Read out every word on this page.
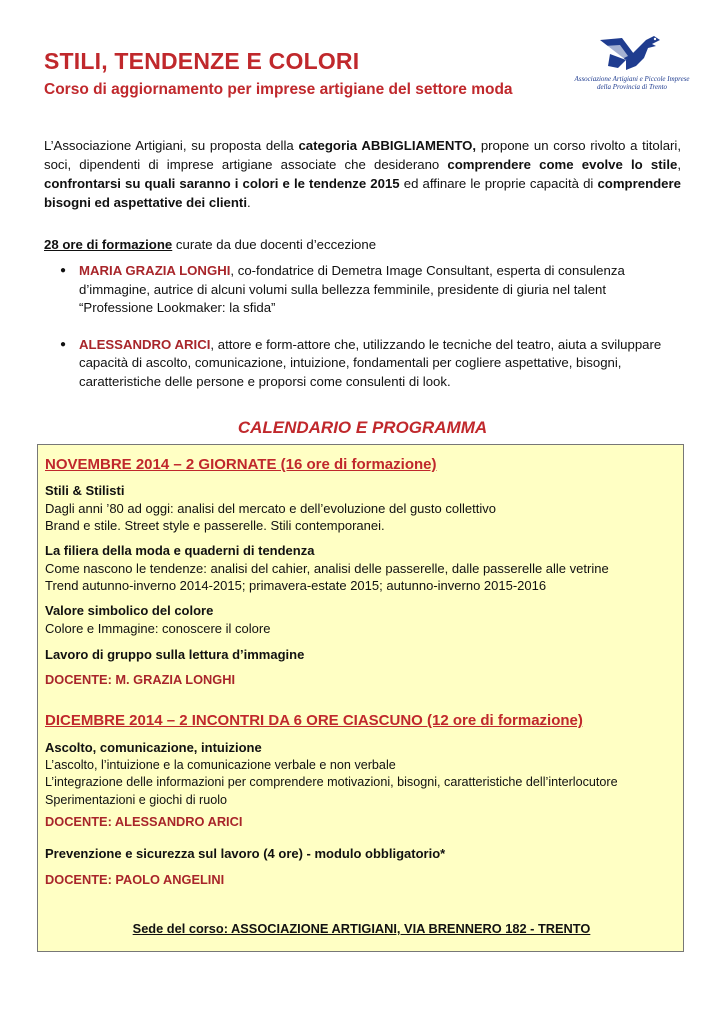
STILI, TENDENZE E COLORI
Corso di aggiornamento per imprese artigiane del settore moda
Associazione Artigiani e Piccole Imprese
della Provincia di Trento
L’Associazione Artigiani, su proposta della categoria ABBIGLIAMENTO, propone un corso rivolto a titolari, soci, dipendenti di imprese artigiane associate che desiderano comprendere come evolve lo stile, confrontarsi su quali saranno i colori e le tendenze 2015 ed affinare le proprie capacità di comprendere bisogni ed aspettative dei clienti.
28 ore di formazione curate da due docenti d’eccezione
● MARIA GRAZIA LONGHI, co-fondatrice di Demetra Image Consultant, esperta di consulenza d’immagine, autrice di alcuni volumi sulla bellezza femminile, presidente di giuria nel talent “Professione Lookmaker: la sfida”
● ALESSANDRO ARICI, attore e form-attore che, utilizzando le tecniche del teatro, aiuta a sviluppare capacità di ascolto, comunicazione, intuizione, fondamentali per cogliere aspettative, bisogni, caratteristiche delle persone e proporsi come consulenti di look.
CALENDARIO E PROGRAMMA
NOVEMBRE 2014 – 2 GIORNATE (16 ore di formazione)
Stili & Stilisti
Dagli anni ’80 ad oggi: analisi del mercato e dell’evoluzione del gusto collettivo
Brand e stile. Street style e passerelle. Stili contemporanei.
La filiera della moda e quaderni di tendenza
Come nascono le tendenze: analisi del cahier, analisi delle passerelle, dalle passerelle alle vetrine
Trend autunno-inverno 2014-2015; primavera-estate 2015; autunno-inverno 2015-2016
Valore simbolico del colore
Colore e Immagine: conoscere il colore
Lavoro di gruppo sulla lettura d’immagine
DOCENTE: M. GRAZIA LONGHI
DICEMBRE 2014 – 2 INCONTRI DA 6 ORE CIASCUNO (12 ore di formazione)
Ascolto, comunicazione, intuizione
L’ascolto, l’intuizione e la comunicazione verbale e non verbale
L’integrazione delle informazioni per comprendere motivazioni, bisogni, caratteristiche dell’interlocutore
Sperimentazioni e giochi di ruolo
DOCENTE: ALESSANDRO ARICI
Prevenzione e sicurezza sul lavoro (4 ore) - modulo obbligatorio*
DOCENTE: PAOLO ANGELINI
Sede del corso: ASSOCIAZIONE ARTIGIANI, VIA BRENNERO 182 - TRENTO
